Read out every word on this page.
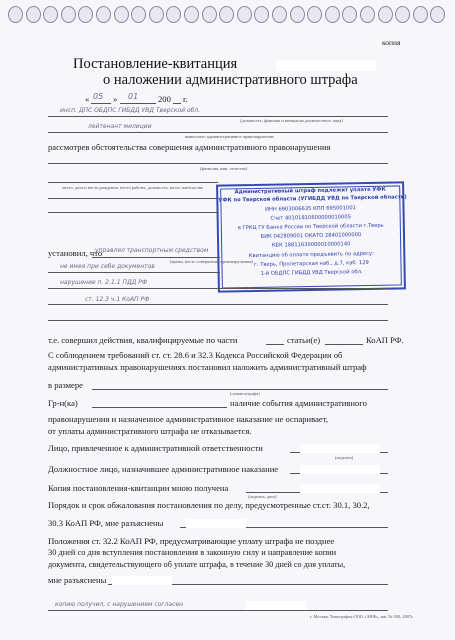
копия
Постановление-квитанция
о наложении административного штрафа
« 05 » 01 200 г.
инсп. ДПС ОБДПС ГИБДД УВД Тверской обл.
(должность, фамилия и инициалы должностного лица)
лейтенант милиции
вынесшего административное правонарушение
рассмотрев обстоятельства совершения административного правонарушения
(фамилия, имя, отчество)
место, дата и место рождения, место работы, должность, место жительства	Административный штраф подлежит уплате УФК
УФК по Тверской области (УГИБДД УВД по Тверской области)
ИНН 6903006635 КПП 695001001
Счет 40101810600000010005
в ГРКЦ ГУ Банка России по Тверской области г.Тверь
БИК 042809001 ОКАТО 28401000000
КБК 18811630000010000140
Квитанцию об оплате предъявить по адресу:
г. Тверь, Пролетарская наб., д.7, каб. 129
1-й ОБДПС ГИБДД УВД Тверской обл.
установил, что
управлял транспортным средством
(время, место совершения правонарушения)
не имея при себе документов
нарушение п. 2.1.1 ПДД РФ
ст. 12.3 ч.1 КоАП РФ
т.е. совершил действия, квалифицируемые по части	статьи(е)	КоАП РФ.
С соблюдением требований ст. ст. 28.6 и 32.3 Кодекса Российской Федерации об
административных правонарушениях постановил наложить административный штраф
в размере
(сумма штрафа)
Гр-н(ка)	наличие события административного
правонарушения и назначенное административное наказание не оспаривает,
от уплаты административного штрафа не отказывается.
Лицо, привлеченное к административной ответственности
(подпись)
Должностное лицо, назначившее административное наказание
Копия постановления-квитанции мною получена
(подпись, дата)
Порядок и срок обжалования постановления по делу, предусмотренные ст.ст. 30.1, 30.2,
30.3 КоАП РФ, мне разъяснены
Положения ст. 32.2 КоАП РФ, предусматривающие уплату штрафа не позднее
30 дней со дня вступления постановления в законную силу и направление копии
документа, свидетельствующего об уплате штрафа, в течение 30 дней со дня уплаты,
мне разъяснены
копию получил, с нарушением согласен
г. Москва, Типография ООО «ЭНФ», зак. № 930, 2007г.
